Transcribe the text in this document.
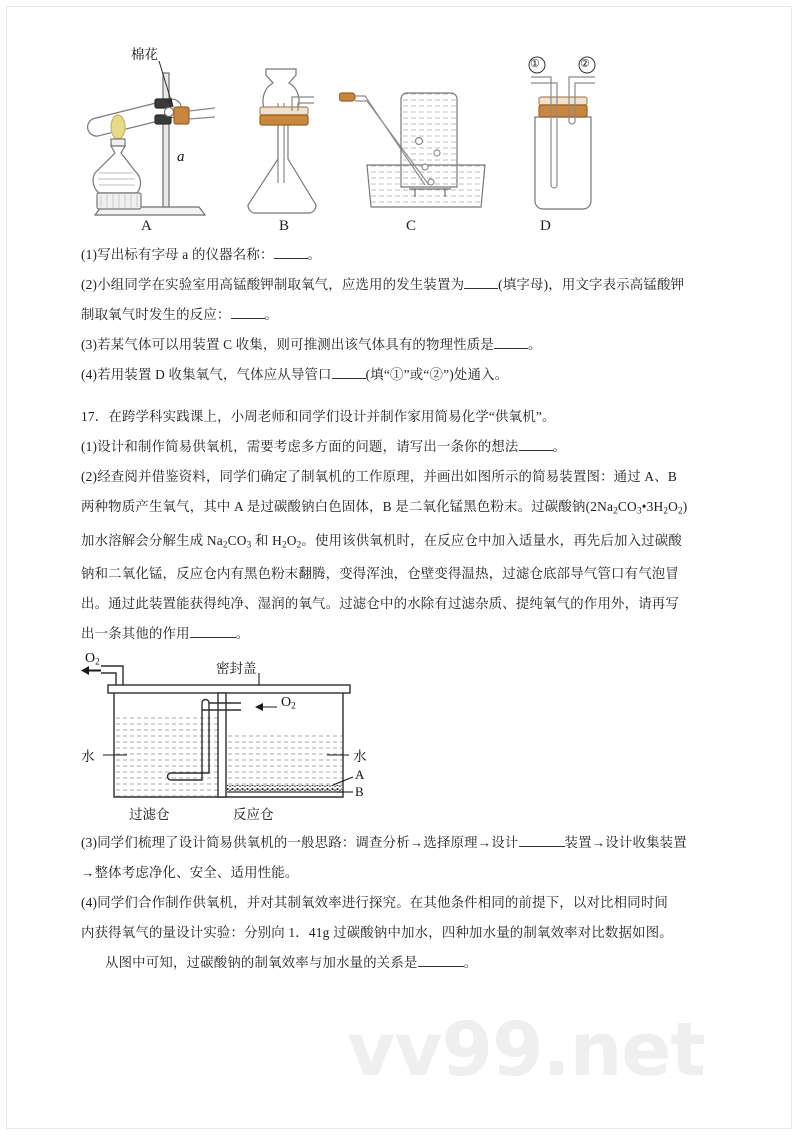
vv99.net
棉花
a
①	②
A	B	C	D
(1)写出标有字母 a 的仪器名称：	。
(2)小组同学在实验室用高锰酸钾制取氧气，应选用的发生装置为	(填字母)，用文字表示高锰酸钾
制取氧气时发生的反应：	。
(3)若某气体可以用装置 C 收集，则可推测出该气体具有的物理性质是	。
(4)若用装置 D 收集氧气，气体应从导管口	(填“①”或“②”)处通入。
17．在跨学科实践课上，小周老师和同学们设计并制作家用简易化学“供氧机”。
(1)设计和制作简易供氧机，需要考虑多方面的问题，请写出一条你的想法	。
(2)经查阅并借鉴资料，同学们确定了制氧机的工作原理，并画出如图所示的简易装置图：通过 A、B
两种物质产生氧气，其中 A 是过碳酸钠白色固体，B 是二氧化锰黑色粉末。过碳酸钠$(2Na_2CO_3•3H_2O_2)$
加水溶解会分解生成 $Na_2CO_3$ 和 $H_2O_2$。使用该供氧机时，在反应仓中加入适量水，再先后加入过碳酸
钠和二氧化锰，反应仓内有黑色粉末翻腾，变得浑浊，仓壁变得温热，过滤仓底部导气管口有气泡冒
出。通过此装置能获得纯净、湿润的氧气。过滤仓中的水除有过滤杂质、提纯氧气的作用外，请再写
出一条其他的作用	。
$O_2$
$O_2$
密封盖
水	水
A
B
过滤仓	反应仓
(3)同学们梳理了设计简易供氧机的一般思路：调查分析→选择原理→设计	装置→设计收集装置
→整体考虑净化、安全、适用性能。
(4)同学们合作制作供氧机，并对其制氧效率进行探究。在其他条件相同的前提下，以对比相同时间
内获得氧气的量设计实验：分别向 1．41g 过碳酸钠中加水，四种加水量的制氧效率对比数据如图。
从图中可知，过碳酸钠的制氧效率与加水量的关系是	。
